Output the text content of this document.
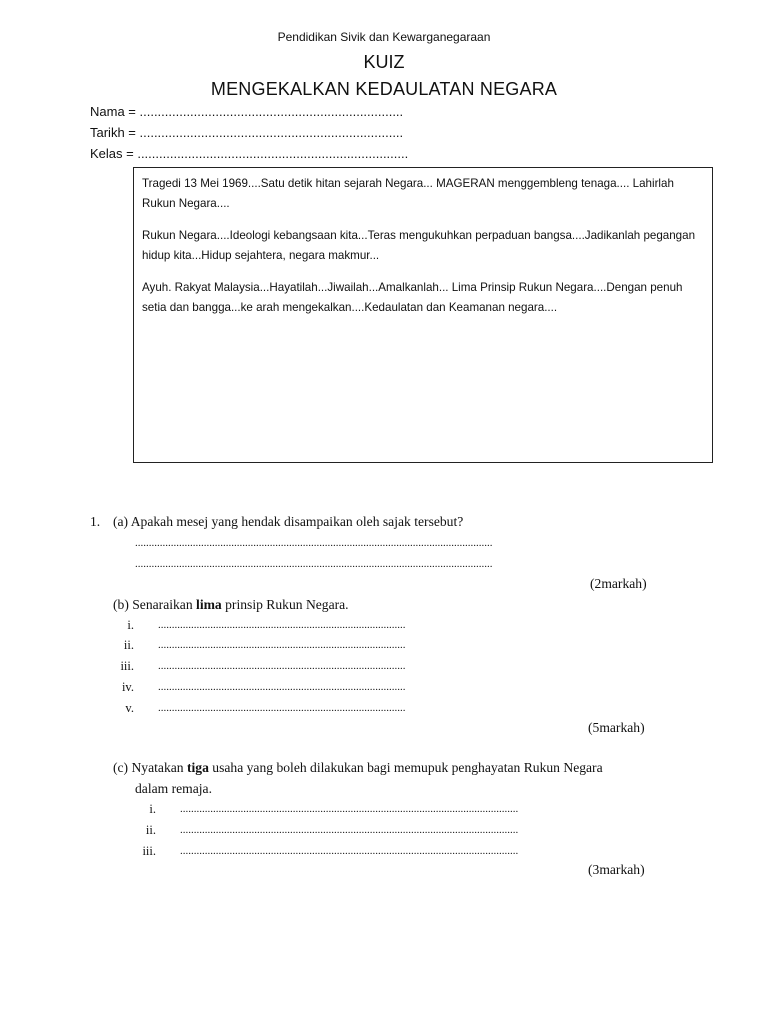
Pendidikan Sivik dan Kewarganegaraan
KUIZ
MENGEKALKAN KEDAULATAN NEGARA
Nama = .........................................................................
Tarikh = .........................................................................
Kelas = ...........................................................................

Tragedi 13 Mei 1969....Satu detik hitan sejarah Negara... MAGERAN menggembleng tenaga.... Lahirlah Rukun Negara....

Rukun Negara....Ideologi kebangsaan kita...Teras mengukuhkan perpaduan bangsa....Jadikanlah pegangan hidup kita...Hidup sejahtera, negara makmur...

Ayuh. Rakyat Malaysia...Hayatilah...Jiwailah...Amalkanlah... Lima Prinsip Rukun Negara....Dengan penuh setia dan bangga...ke arah mengekalkan....Kedaulatan dan Keamanan negara....

1. (a) Apakah mesej yang hendak disampaikan oleh sajak tersebut?
..................................................................................................................................
..................................................................................................................................
(2markah)
(b) Senaraikan lima prinsip Rukun Negara.
i. ..........................................................................................
ii. ..........................................................................................
iii. ..........................................................................................
iv. ..........................................................................................
v. ..........................................................................................
(5markah)
(c) Nyatakan tiga usaha yang boleh dilakukan bagi memupuk penghayatan Rukun Negara
dalam remaja.
i. ...........................................................................................................................
ii. ...........................................................................................................................
iii. ...........................................................................................................................
(3markah)
